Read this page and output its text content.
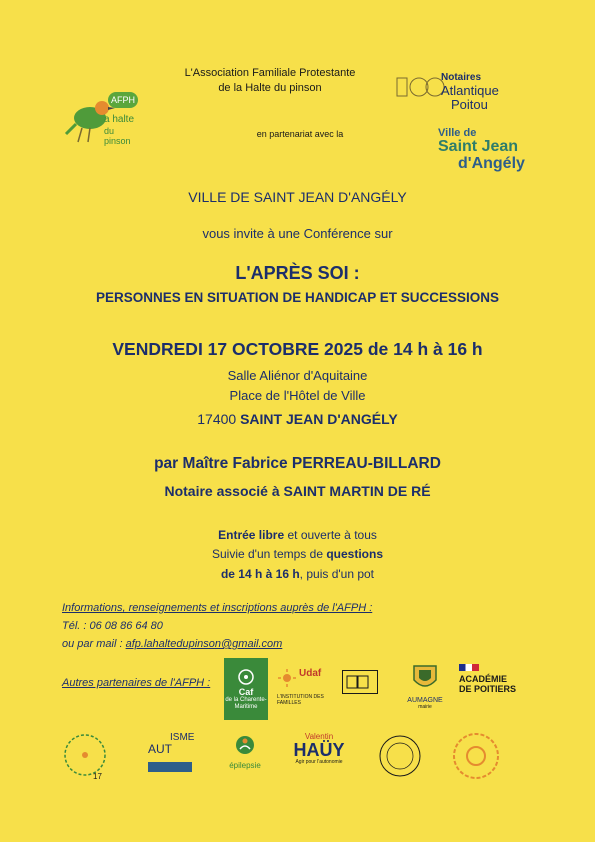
AFPH
a halte
du pinson
L'Association Familiale Protestante
de la Halte du pinson
en partenariat avec la
Notaires
Atlantique
Poitou
Ville de
Saint Jean
d'Angély
VILLE DE SAINT JEAN D'ANGÉLY
vous invite à une Conférence sur
L'APRÈS SOI :
PERSONNES EN SITUATION DE HANDICAP ET SUCCESSIONS
VENDREDI 17 OCTOBRE 2025 de 14 h à 16 h
Salle Aliénor d'Aquitaine
Place de l'Hôtel de Ville
17400 SAINT JEAN D'ANGÉLY
par Maître Fabrice PERREAU-BILLARD
Notaire associé à SAINT MARTIN DE RÉ
Entrée libre et ouverte à tous
Suivie d'un temps de questions
de 14 h à 16 h, puis d'un pot
Informations, renseignements et inscriptions auprès de l'AFPH :
Tél. : 06 08 86 64 80
ou par mail : afp.lahaltedupinson@gmail.com
Autres partenaires de l'AFPH :
Caf
de la Charente-Maritime
Udaf
L'INSTITUTION DES FAMILLES	AUMAGNE
mairie
ACADÉMIE
DE POITIERS
17
AUT
ISME
épilepsie
Valentin
HAÜY
Agir pour l'autonomie
